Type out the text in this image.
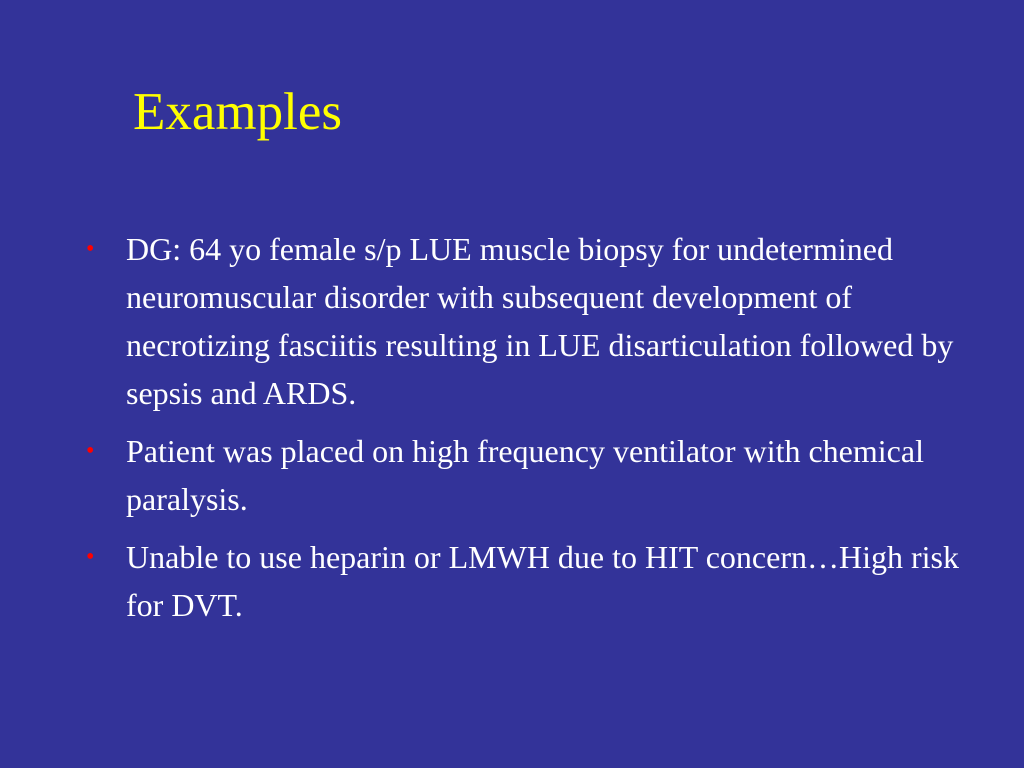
Examples
• DG: 64 yo female s/p LUE muscle biopsy for undetermined neuromuscular disorder with subsequent development of necrotizing fasciitis resulting in LUE disarticulation followed by sepsis and ARDS.
• Patient was placed on high frequency ventilator with chemical paralysis.
• Unable to use heparin or LMWH due to HIT concern…High risk for DVT.
